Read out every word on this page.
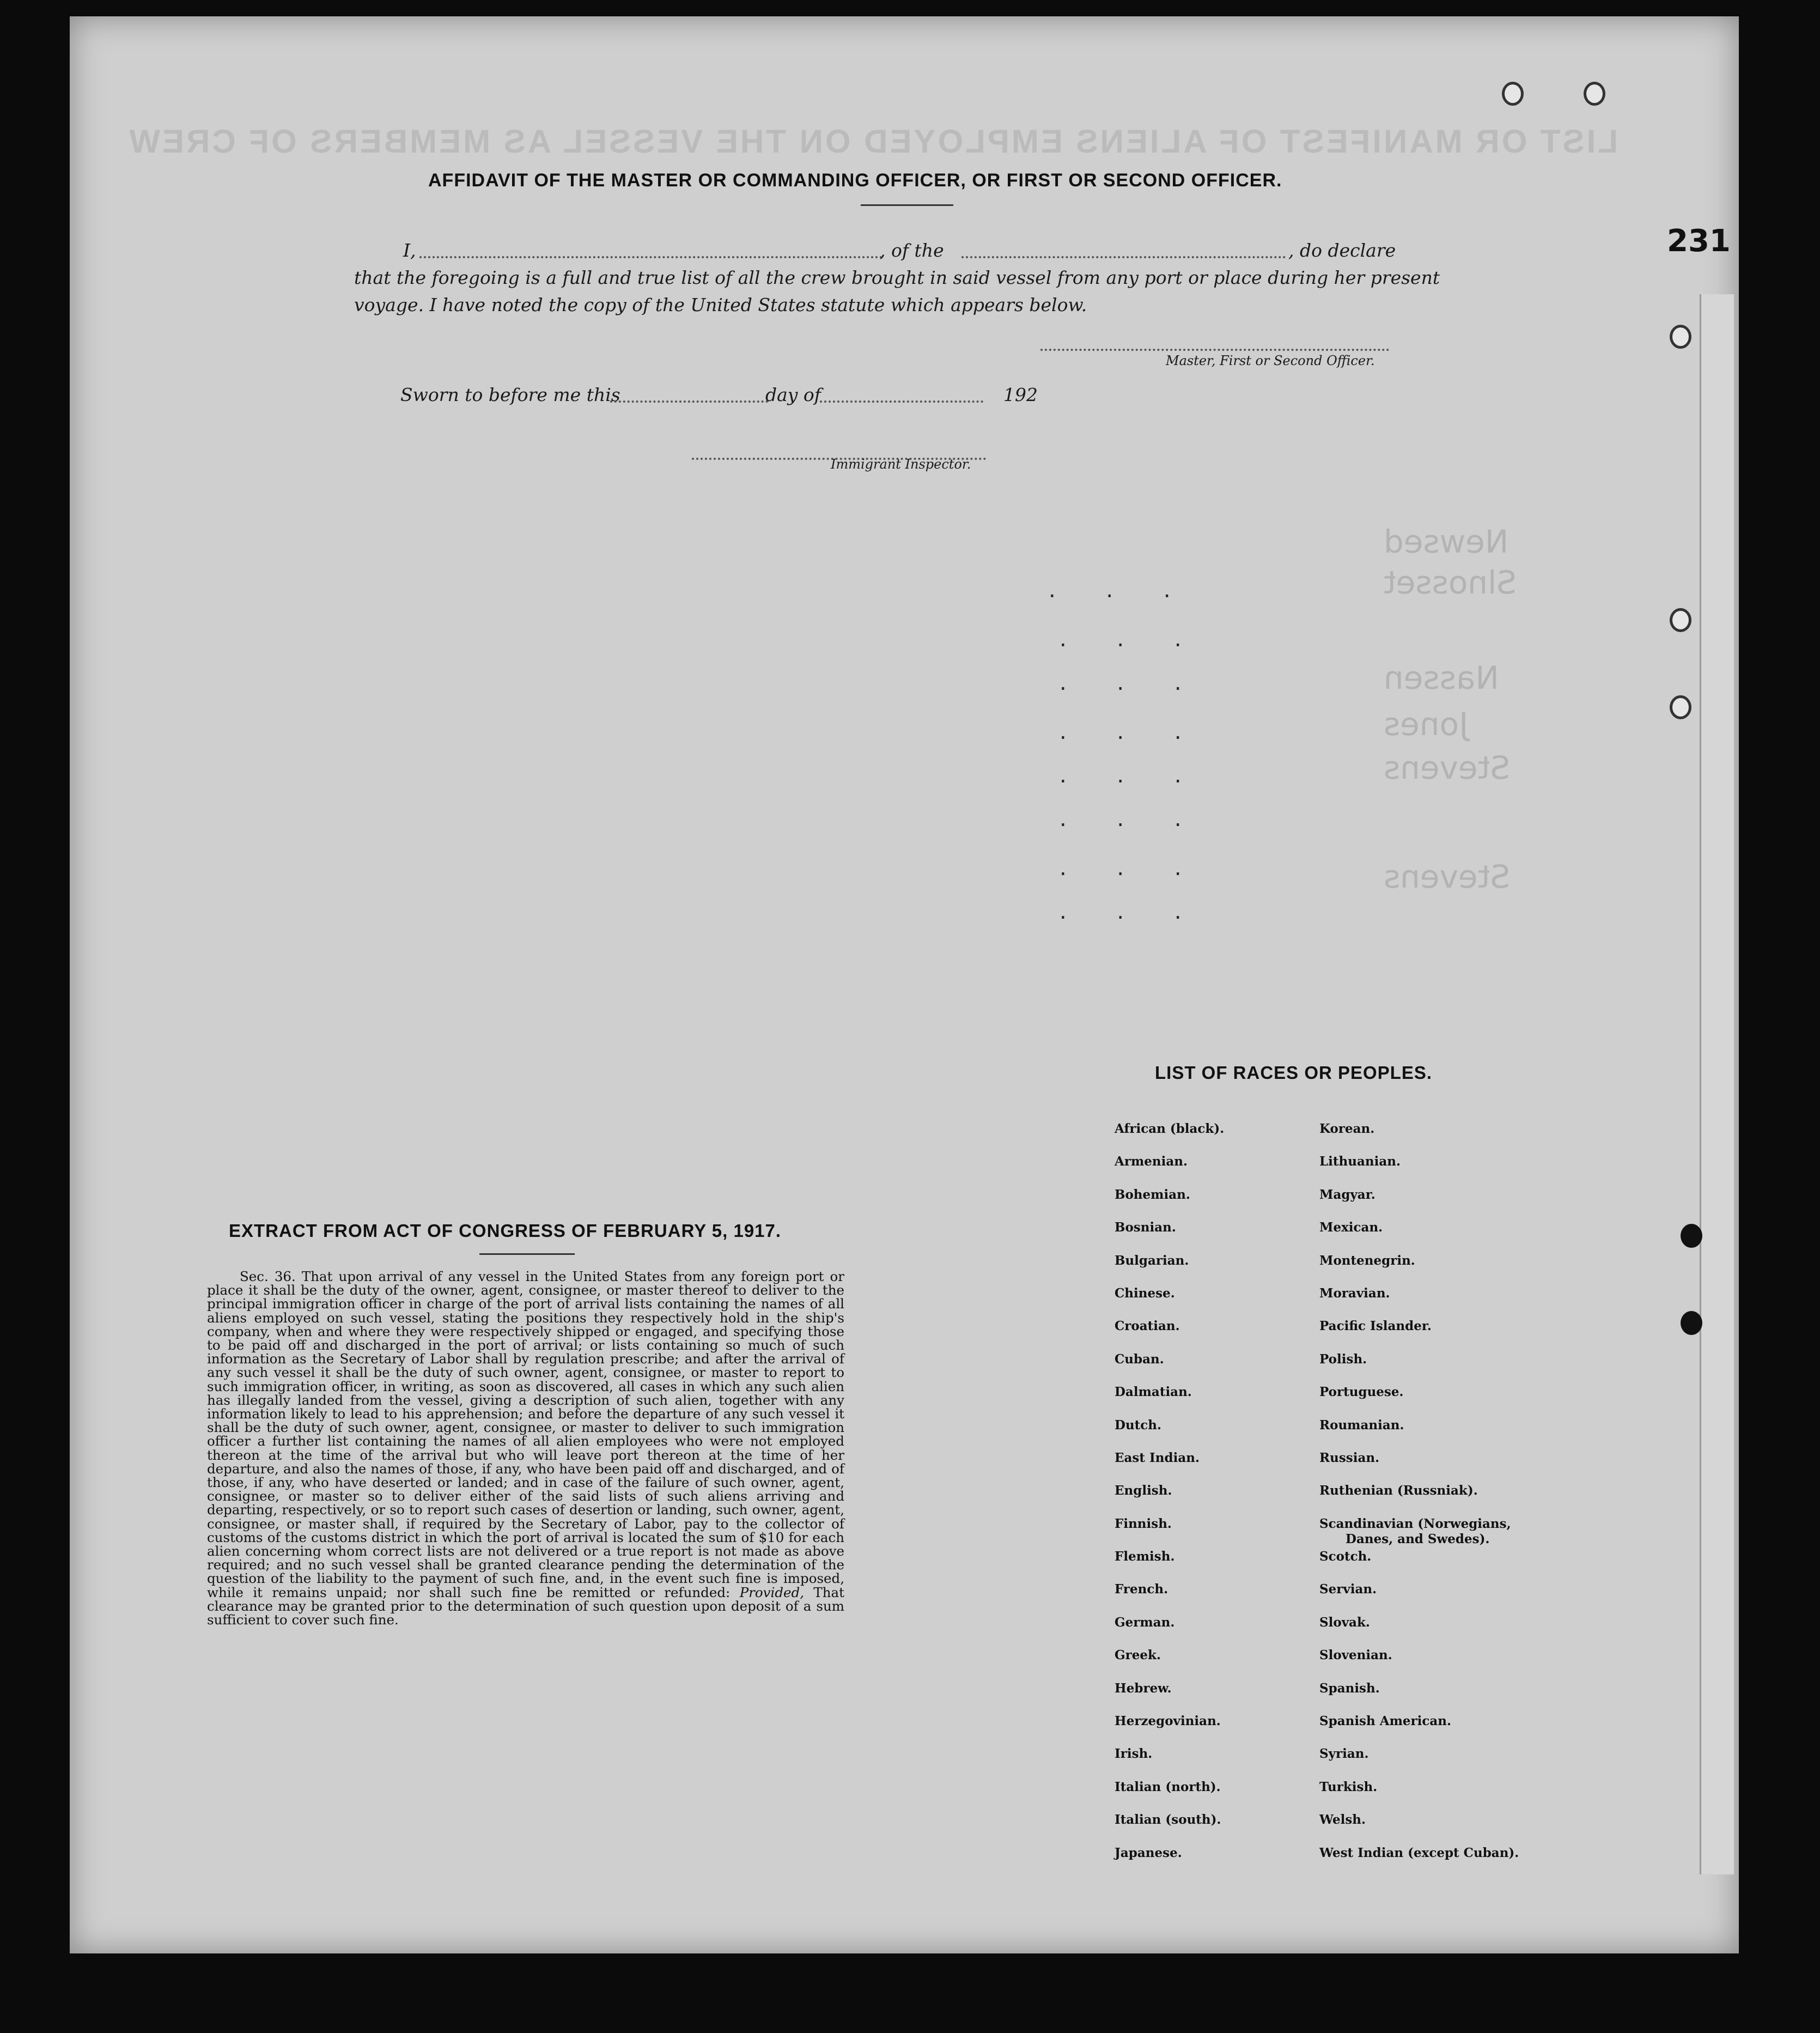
LIST OR MANIFEST OF ALIENS EMPLOYED ON THE VESSEL AS MEMBERS OF CREW
Newsed
Slnosset
Nassen
Jones
Stevens
Stevens
231
AFFIDAVIT OF THE MASTER OR COMMANDING OFFICER, OR FIRST OR SECOND OFFICER.
I,	, of the	, do declare
that the foregoing is a full and true list of all the crew brought in said vessel from any port or place during her present
voyage. I have noted the copy of the United States statute which appears below.
Master, First or Second Officer.
Sworn to before me this	day of	192
Immigrant Inspector.
. . .
. . .
. . .
. . .
. . .
. . .
. . .
. . .
EXTRACT FROM ACT OF CONGRESS OF FEBRUARY 5, 1917.
Sec. 36. That upon arrival of any vessel in the United States from any foreign port or place it shall be the duty of the owner, agent, consignee, or master thereof to deliver to the principal immigration officer in charge of the port of arrival lists containing the names of all aliens employed on such vessel, stating the positions they respectively hold in the ship's company, when and where they were respectively shipped or engaged, and specifying those to be paid off and discharged in the port of arrival; or lists containing so much of such information as the Secretary of Labor shall by regulation prescribe; and after the arrival of any such vessel it shall be the duty of such owner, agent, consignee, or master to report to such immigration officer, in writing, as soon as discovered, all cases in which any such alien has illegally landed from the vessel, giving a description of such alien, together with any information likely to lead to his apprehension; and before the departure of any such vessel it shall be the duty of such owner, agent, consignee, or master to deliver to such immigration officer a further list containing the names of all alien employees who were not employed thereon at the time of the arrival but who will leave port thereon at the time of her departure, and also the names of those, if any, who have been paid off and discharged, and of those, if any, who have deserted or landed; and in case of the failure of such owner, agent, consignee, or master so to deliver either of the said lists of such aliens arriving and departing, respectively, or so to report such cases of desertion or landing, such owner, agent, consignee, or master shall, if required by the Secretary of Labor, pay to the collector of customs of the customs district in which the port of arrival is located the sum of $10 for each alien concerning whom correct lists are not delivered or a true report is not made as above required; and no such vessel shall be granted clearance pending the determination of the question of the liability to the payment of such fine, and, in the event such fine is imposed, while it remains unpaid; nor shall such fine be remitted or refunded: Provided, That clearance may be granted prior to the determination of such question upon deposit of a sum sufficient to cover such fine.
LIST OF RACES OR PEOPLES.
African (black).
Armenian.
Bohemian.
Bosnian.
Bulgarian.
Chinese.
Croatian.
Cuban.
Dalmatian.
Dutch.
East Indian.
English.
Finnish.
Flemish.
French.
German.
Greek.
Hebrew.
Herzegovinian.
Irish.
Italian (north).
Italian (south).
Japanese.
Korean.
Lithuanian.
Magyar.
Mexican.
Montenegrin.
Moravian.
Pacific Islander.
Polish.
Portuguese.
Roumanian.
Russian.
Ruthenian (Russniak).
Scandinavian (Norwegians,
Danes, and Swedes).
Scotch.
Servian.
Slovak.
Slovenian.
Spanish.
Spanish American.
Syrian.
Turkish.
Welsh.
West Indian (except Cuban).
